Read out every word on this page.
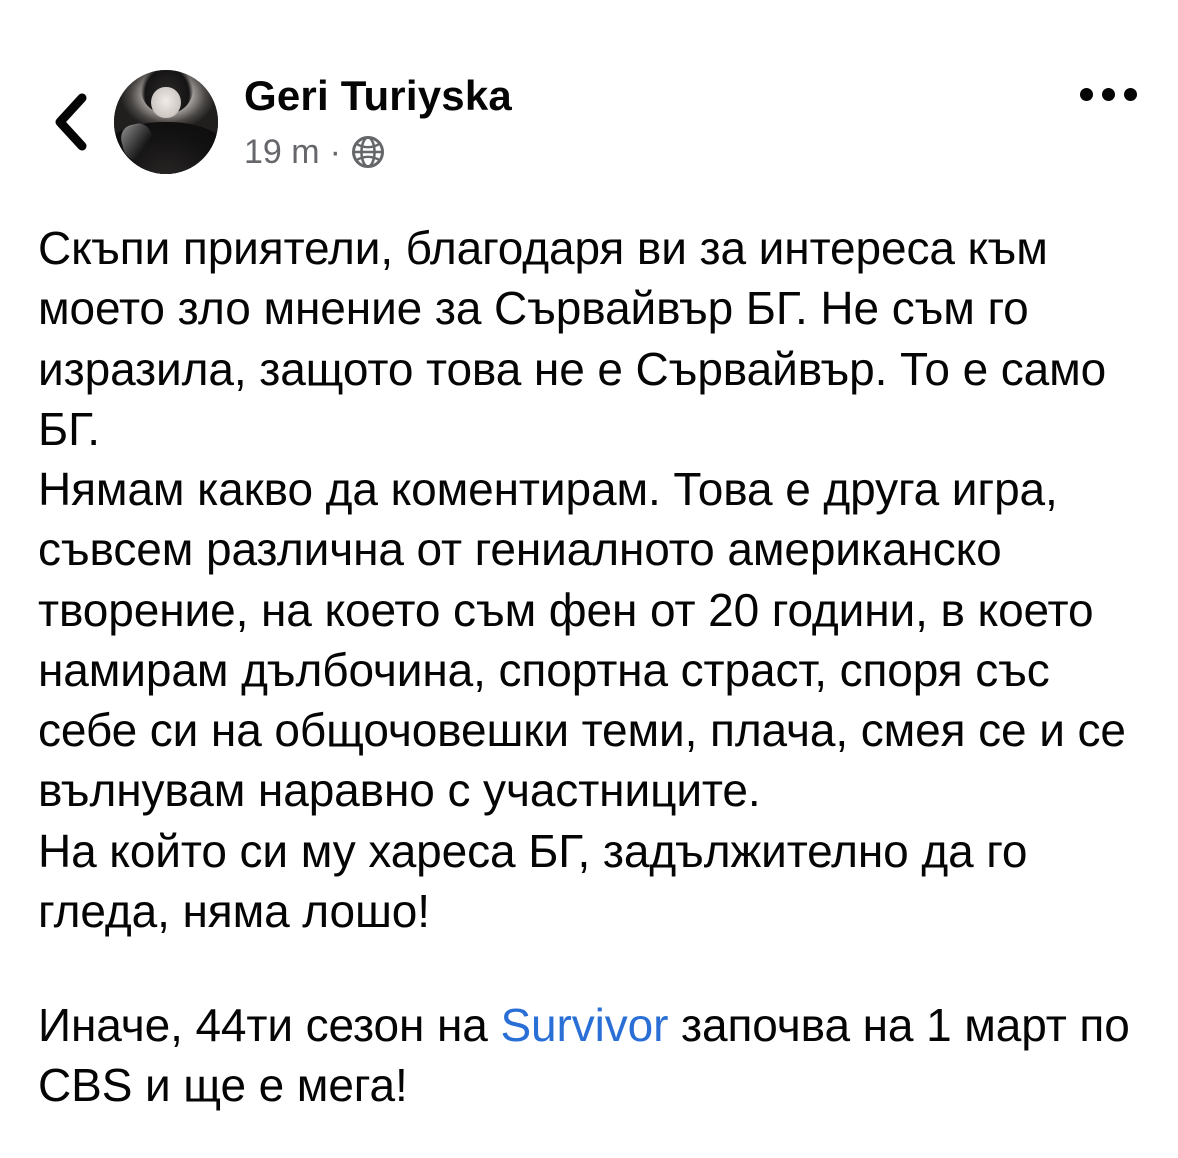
Geri Turiyska
19 m ·

Скъпи приятели, благодаря ви за интереса към моето зло мнение за Сървайвър БГ. Не съм го изразила, защото това не е Сървайвър. То е само БГ.

Нямам какво да коментирам. Това е друга игра, съвсем различна от гениалното американско творение, на което съм фен от 20 години, в което намирам дълбочина, спортна страст, споря със себе си на общочовешки теми, плача, смея се и се вълнувам наравно с участниците.

На който си му хареса БГ, задължително да го гледа, няма лошо!

Иначе, 44ти сезон на Survivor започва на 1 март по CBS и ще е мега!
